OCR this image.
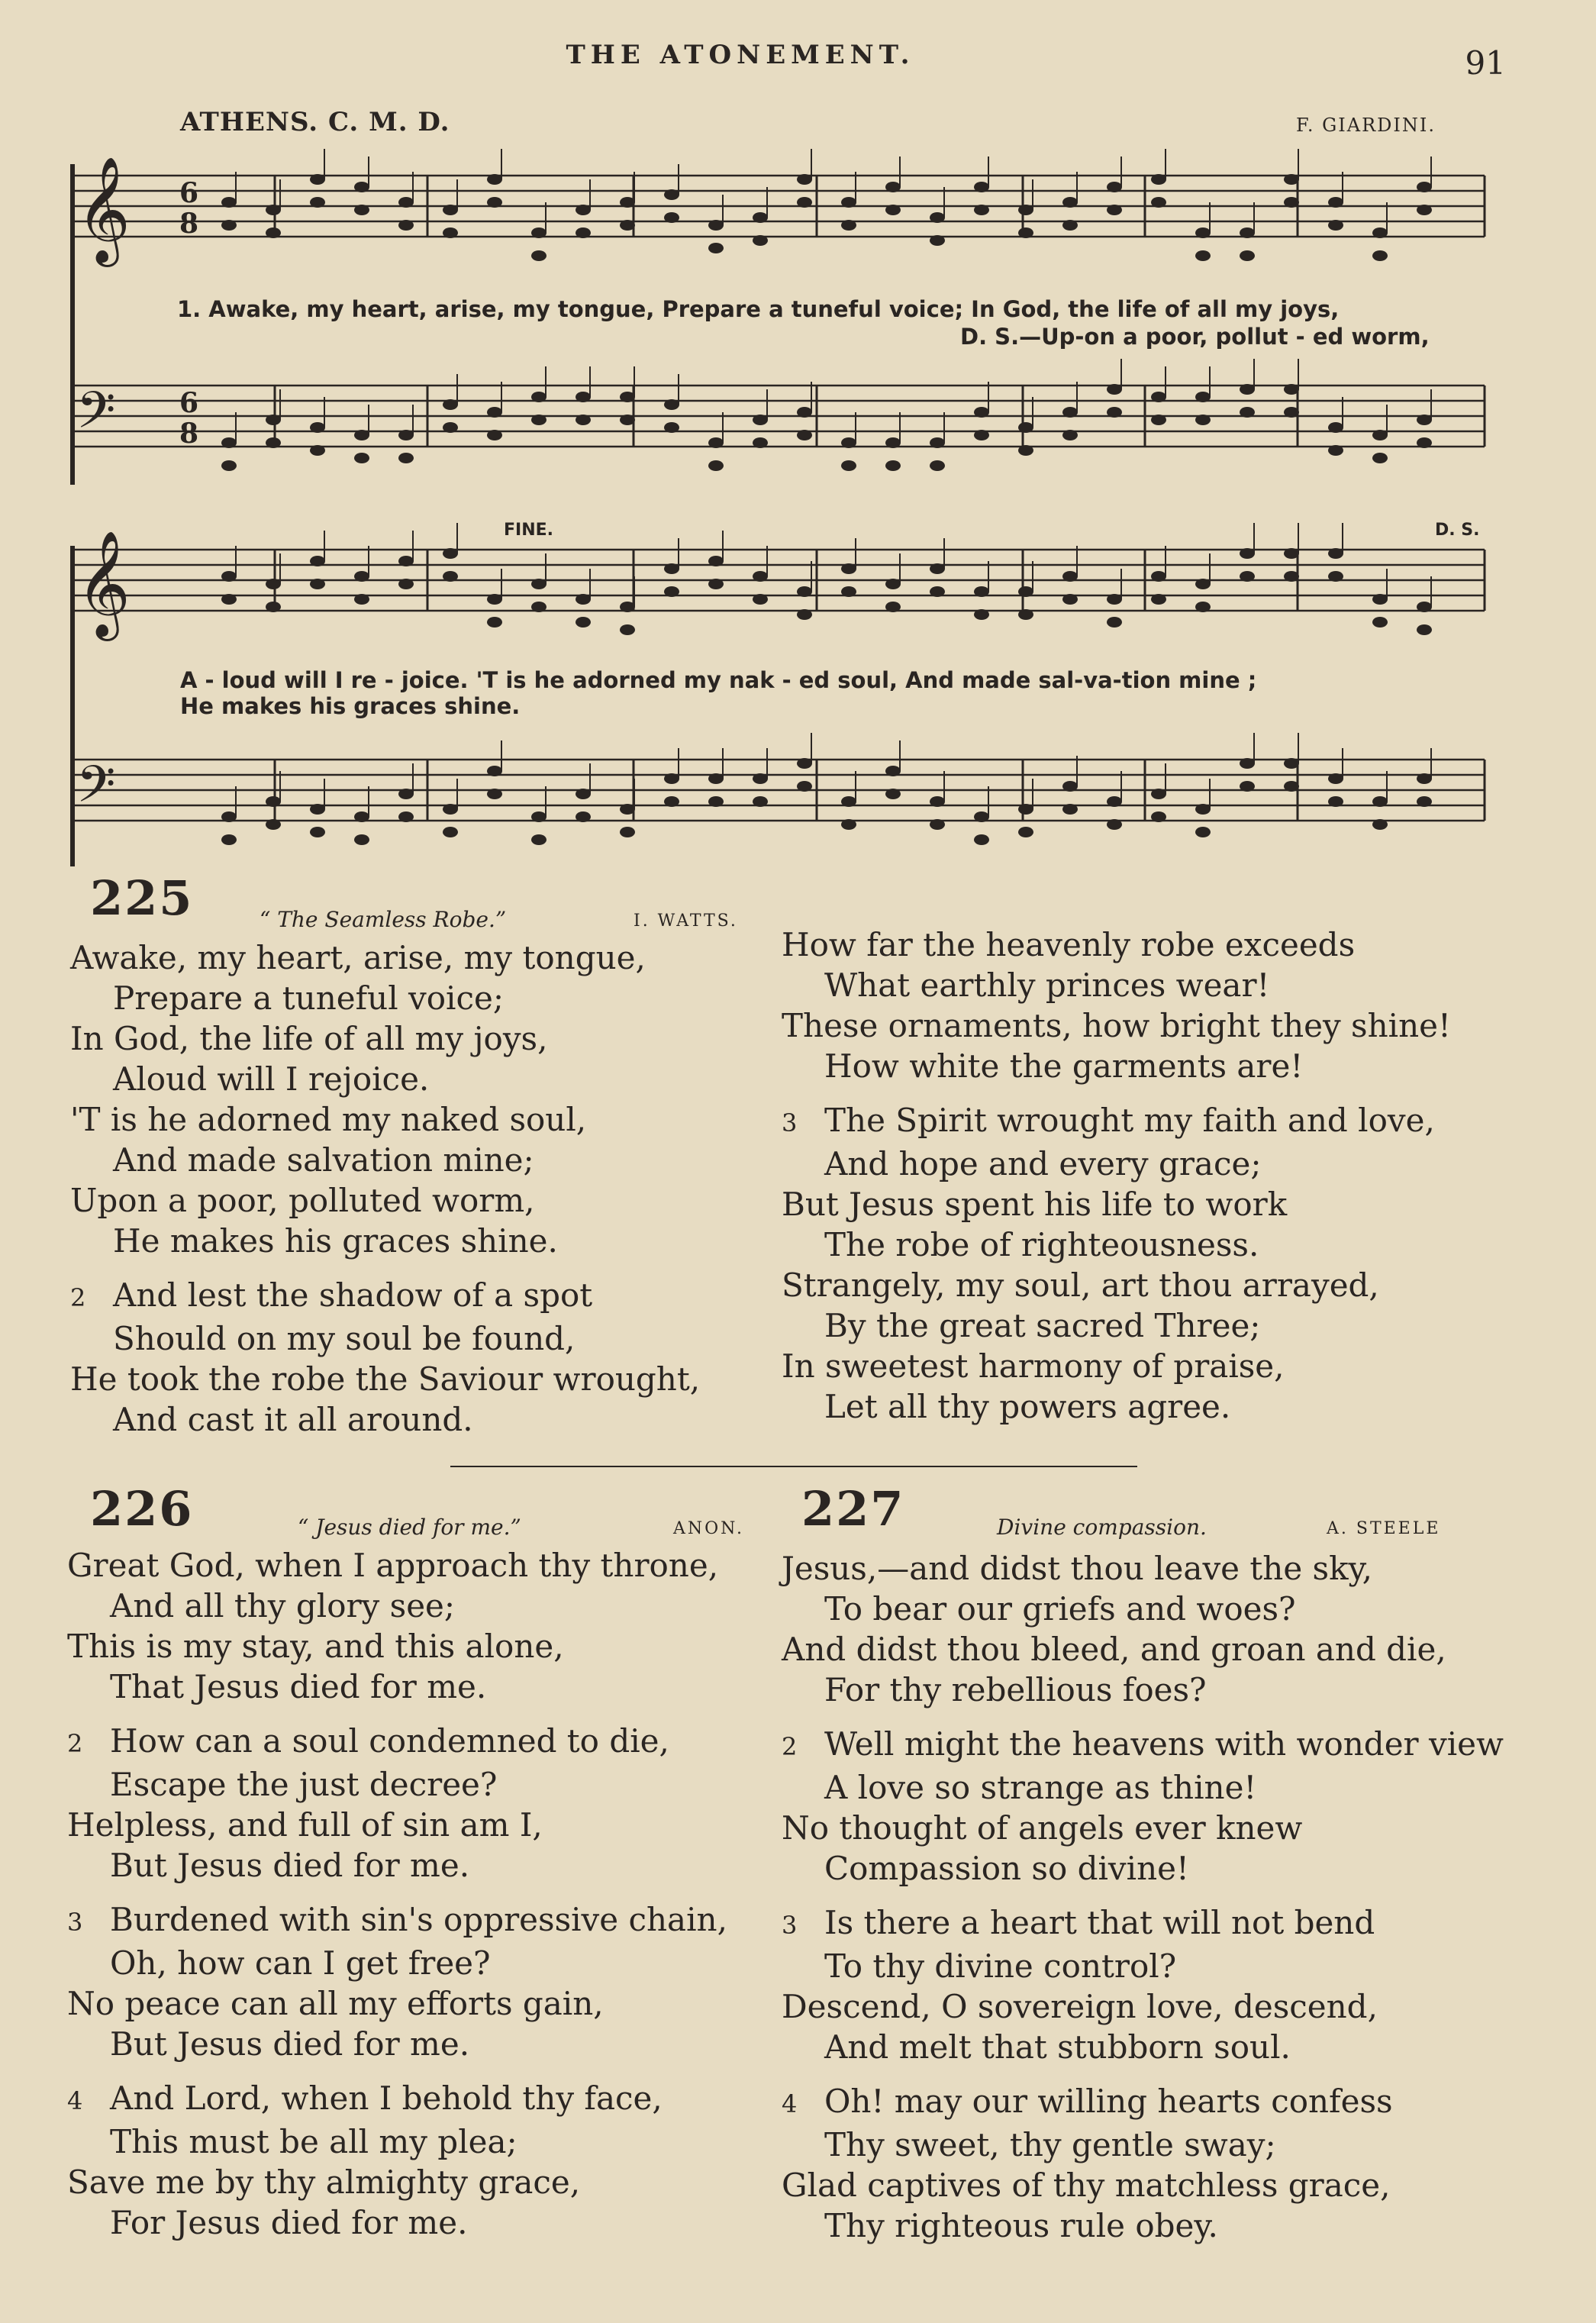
THE ATONEMENT.	91
ATHENS. C. M. D.	F. GIARDINI.
𝄞 6
8
1. Awake, my heart, arise, my tongue, Prepare a tuneful voice; In God, the life of all my joys,
D. S.—Up-on a poor, pollut - ed worm,
𝄢 6
8
FINE.	D. S.
𝄞
A - loud will I re - joice. 'T is he adorned my nak - ed soul, And made sal-va-tion mine ;
He makes his graces shine.
𝄢
225	“ The Seamless Robe.”	I. WATTS.
Awake, my heart, arise, my tongue,
Prepare a tuneful voice;
In God, the life of all my joys,
Aloud will I rejoice.
'T is he adorned my naked soul,
And made salvation mine;
Upon a poor, polluted worm,
He makes his graces shine.
2 And lest the shadow of a spot
Should on my soul be found,
He took the robe the Saviour wrought,
And cast it all around.
How far the heavenly robe exceeds
What earthly princes wear!
These ornaments, how bright they shine!
How white the garments are!
3 The Spirit wrought my faith and love,
And hope and every grace;
But Jesus spent his life to work
The robe of righteousness.
Strangely, my soul, art thou arrayed,
By the great sacred Three;
In sweetest harmony of praise,
Let all thy powers agree.
226	“ Jesus died for me.”	ANON.
Great God, when I approach thy throne,
And all thy glory see;
This is my stay, and this alone,
That Jesus died for me.
2 How can a soul condemned to die,
Escape the just decree?
Helpless, and full of sin am I,
But Jesus died for me.
3 Burdened with sin's oppressive chain,
Oh, how can I get free?
No peace can all my efforts gain,
But Jesus died for me.
4 And Lord, when I behold thy face,
This must be all my plea;
Save me by thy almighty grace,
For Jesus died for me.
227	Divine compassion.	A. STEELE
Jesus,—and didst thou leave the sky,
To bear our griefs and woes?
And didst thou bleed, and groan and die,
For thy rebellious foes?
2 Well might the heavens with wonder view
A love so strange as thine!
No thought of angels ever knew
Compassion so divine!
3 Is there a heart that will not bend
To thy divine control?
Descend, O sovereign love, descend,
And melt that stubborn soul.
4 Oh! may our willing hearts confess
Thy sweet, thy gentle sway;
Glad captives of thy matchless grace,
Thy righteous rule obey.
